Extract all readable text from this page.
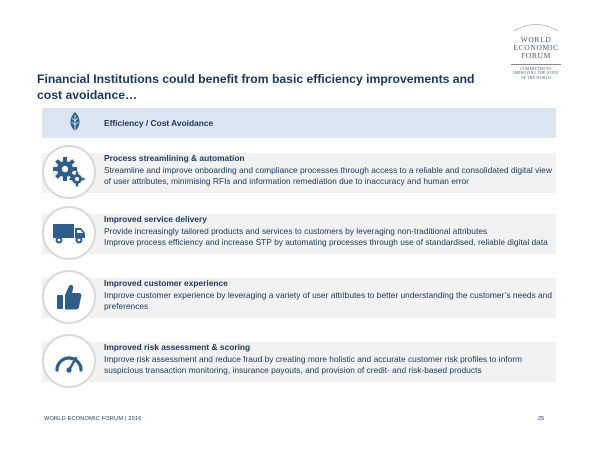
Financial Institutions could benefit from basic efficiency improvements and cost avoidance…
WORLD
ECONOMIC
FORUM
COMMITTED TO
IMPROVING THE STATE
OF THE WORLD
Efficiency / Cost Avoidance
Process streamlining & automation
Streamline and improve onboarding and compliance processes through access to a reliable and consolidated digital view of user attributes, minimising RFIs and information remediation due to inaccuracy and human error
Improved service delivery
Provide increasingly tailored products and services to customers by leveraging non-traditional attributes
Improve process efficiency and increase STP by automating processes through use of standardised, reliable digital data
Improved customer experience
Improve customer experience by leveraging a variety of user attributes to better understanding the customer’s needs and preferences
Improved risk assessment & scoring
Improve risk assessment and reduce fraud by creating more holistic and accurate customer risk profiles to inform suspicious transaction monitoring, insurance payouts, and provision of credit- and risk-based products
WORLD ECONOMIC FORUM | 2016	25
